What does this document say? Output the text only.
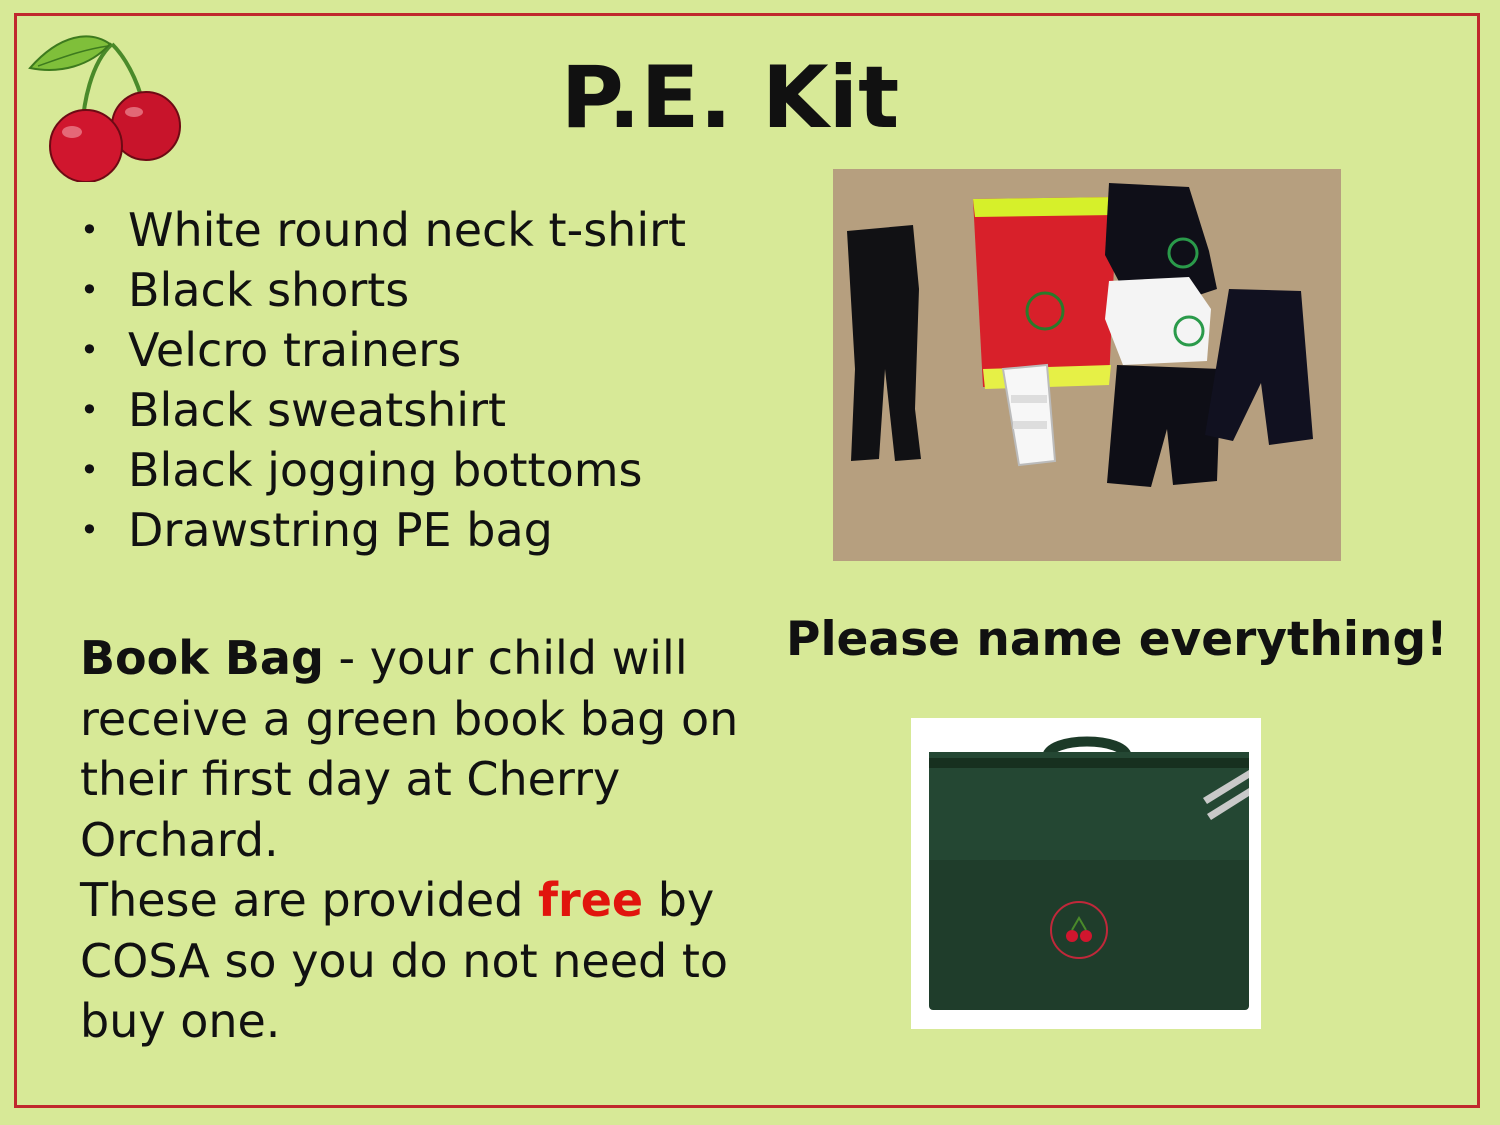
P.E. Kit
• White round neck t-shirt
• Black shorts
• Velcro trainers
• Black sweatshirt
• Black jogging bottoms
• Drawstring PE bag

Please name everything!

Book Bag - your child will receive a green book bag on their first day at Cherry Orchard.
These are provided free by COSA so you do not need to buy one.
